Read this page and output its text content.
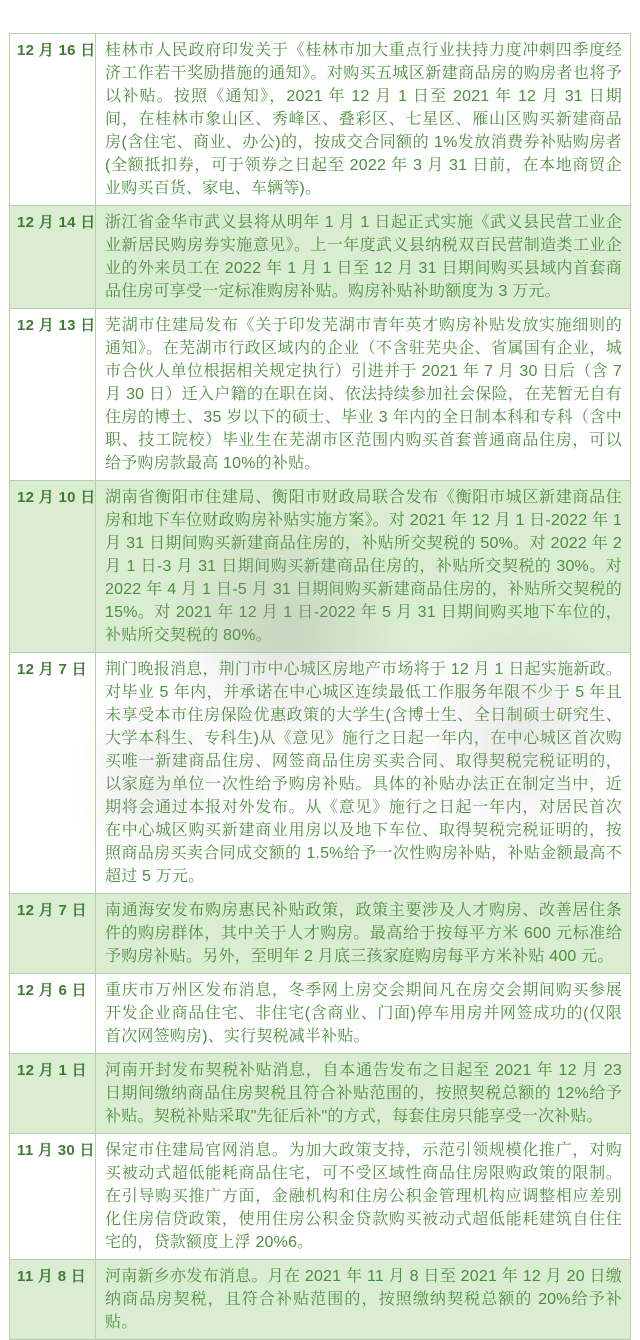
12 月 16 日	桂林市人民政府印发关于《桂林市加大重点行业扶持力度冲刺四季度经济工作若干奖励措施的通知》。对购买五城区新建商品房的购房者也将予以补贴。按照《通知》，2021 年 12 月 1 日至 2021 年 12 月 31 日期间，在桂林市象山区、秀峰区、叠彩区、七星区、雁山区购买新建商品房(含住宅、商业、办公)的，按成交合同额的 1%发放消费券补贴购房者(全额抵扣券，可于领券之日起至 2022 年 3 月 31 日前，在本地商贸企业购买百货、家电、车辆等)。
12 月 14 日	浙江省金华市武义县将从明年 1 月 1 日起正式实施《武义县民营工业企业新居民购房券实施意见》。上一年度武义县纳税双百民营制造类工业企业的外来员工在 2022 年 1 月 1 日至 12 月 31 日期间购买县域内首套商品住房可享受一定标准购房补贴。购房补贴补助额度为 3 万元。
12 月 13 日	芜湖市住建局发布《关于印发芜湖市青年英才购房补贴发放实施细则的通知》。在芜湖市行政区域内的企业（不含驻芜央企、省属国有企业，城市合伙人单位根据相关规定执行）引进并于 2021 年 7 月 30 日后（含 7 月 30 日）迁入户籍的在职在岗、依法持续参加社会保险，在芜暂无自有住房的博士、35 岁以下的硕士、毕业 3 年内的全日制本科和专科（含中职、技工院校）毕业生在芜湖市区范围内购买首套普通商品住房，可以给予购房款最高 10%的补贴。
12 月 10 日	湖南省衡阳市住建局、衡阳市财政局联合发布《衡阳市城区新建商品住房和地下车位财政购房补贴实施方案》。对 2021 年 12 月 1 日-2022 年 1 月 31 日期间购买新建商品住房的，补贴所交契税的 50%。对 2022 年 2 月 1 日-3 月 31 日期间购买新建商品住房的，补贴所交契税的 30%。对 2022 年 4 月 1 日-5 月 31 日期间购买新建商品住房的，补贴所交契税的 15%。对 2021 年 12 月 1 日-2022 年 5 月 31 日期间购买地下车位的，补贴所交契税的 80%。
12 月 7 日	荆门晚报消息，荆门市中心城区房地产市场将于 12 月 1 日起实施新政。 对毕业 5 年内，并承诺在中心城区连续最低工作服务年限不少于 5 年且未享受本市住房保险优惠政策的大学生(含博士生、全日制硕士研究生、大学本科生、专科生)从《意见》施行之日起一年内，在中心城区首次购买唯一新建商品住房、网签商品住房买卖合同、取得契税完税证明的，以家庭为单位一次性给予购房补贴。具体的补贴办法正在制定当中，近期将会通过本报对外发布。从《意见》施行之日起一年内，对居民首次在中心城区购买新建商业用房以及地下车位、取得契税完税证明的，按照商品房买卖合同成交额的 1.5%给予一次性购房补贴，补贴金额最高不超过 5 万元。
12 月 7 日	南通海安发布购房惠民补贴政策，政策主要涉及人才购房、改善居住条 件的购房群体，其中关于人才购房。最高给于按每平方米 600 元标准给予购房补贴。另外，至明年 2 月底三孩家庭购房每平方米补贴 400 元。
12 月 6 日	重庆市万州区发布消息，冬季网上房交会期间凡在房交会期间购买参展开发企业商品住宅、非住宅(含商业、门面)停车用房并网签成功的(仅限首次网签购房)、实行契税减半补贴。
12 月 1 日	河南开封发布契税补贴消息，自本通告发布之日起至 2021 年 12 月 23 日期间缴纳商品住房契税且符合补贴范围的，按照契税总额的 12%给予补贴。契税补贴采取"先征后补"的方式，每套住房只能享受一次补贴。
11 月 30 日	保定市住建局官网消息。为加大政策支持，示范引领规模化推广，对购 买被动式超低能耗商品住宅，可不受区域性商品住房限购政策的限制。在引导购买推广方面，金融机构和住房公积金管理机构应调整相应差别化住房信贷政策，使用住房公积金贷款购买被动式超低能耗建筑自住住宅的，贷款额度上浮 20%6。
11 月 8 日	河南新乡亦发布消息。月在 2021 年 11 月 8 日至 2021 年 12 月 20 日缴 纳商品房契税，且符合补贴范围的，按照缴纳契税总额的 20%给予补贴。
